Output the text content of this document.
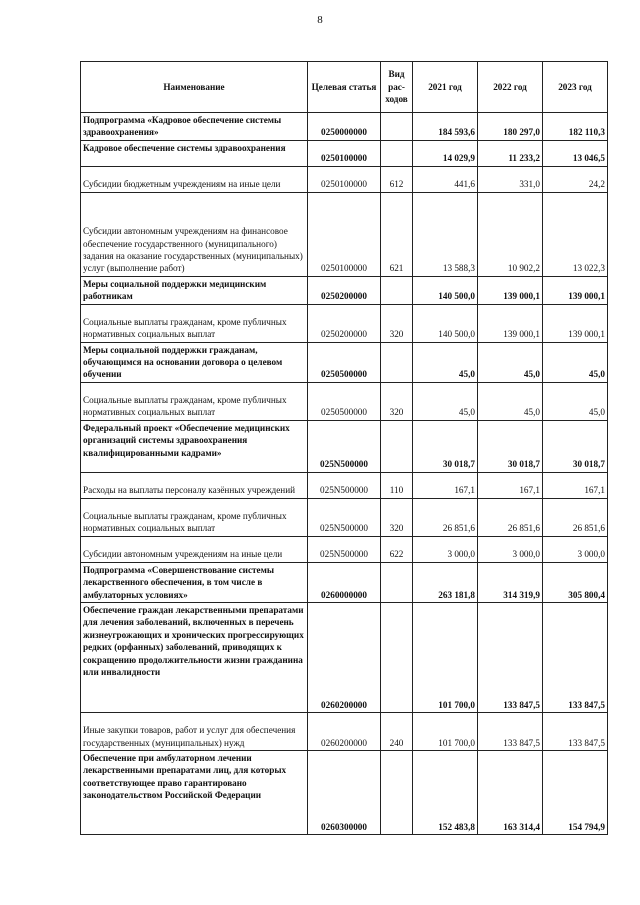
8
Наименование	Целевая статья	Вид рас-ходов	2021 год	2022 год	2023 год
Подпрограмма «Кадровое обеспечение системы здравоохранения»	0250000000		184 593,6	180 297,0	182 110,3
Кадровое обеспечение системы здравоохранения	0250100000		14 029,9	11 233,2	13 046,5
Субсидии бюджетным учреждениям на иные цели	0250100000	612	441,6	331,0	24,2
Субсидии автономным учреждениям на финансовое обеспечение государственного (муниципального) задания на оказание государственных (муниципальных) услуг (выполнение работ)	0250100000	621	13 588,3	10 902,2	13 022,3
Меры социальной поддержки медицинским работникам	0250200000		140 500,0	139 000,1	139 000,1
Социальные выплаты гражданам, кроме публичных нормативных социальных выплат	0250200000	320	140 500,0	139 000,1	139 000,1
Меры социальной поддержки гражданам, обучающимся на основании договора о целевом обучении	0250500000		45,0	45,0	45,0
Социальные выплаты гражданам, кроме публичных нормативных социальных выплат	0250500000	320	45,0	45,0	45,0
Федеральный проект «Обеспечение медицинских организаций системы здравоохранения квалифицированными кадрами»	025N500000		30 018,7	30 018,7	30 018,7
Расходы на выплаты персоналу казённых учреждений	025N500000	110	167,1	167,1	167,1
Социальные выплаты гражданам, кроме публичных нормативных социальных выплат	025N500000	320	26 851,6	26 851,6	26 851,6
Субсидии автономным учреждениям на иные цели	025N500000	622	3 000,0	3 000,0	3 000,0
Подпрограмма «Совершенствование системы лекарственного обеспечения, в том числе в амбулаторных условиях»	0260000000		263 181,8	314 319,9	305 800,4
Обеспечение граждан лекарственными препаратами для лечения заболеваний, включенных в перечень жизнеугрожающих и хронических прогрессирующих редких (орфанных) заболеваний, приводящих к сокращению продолжительности жизни гражданина или инвалидности	0260200000		101 700,0	133 847,5	133 847,5
Иные закупки товаров, работ и услуг для обеспечения государственных (муниципальных) нужд	0260200000	240	101 700,0	133 847,5	133 847,5
Обеспечение при амбулаторном лечении лекарственными препаратами лиц, для которых соответствующее право гарантировано законодательством Российской Федерации	0260300000		152 483,8	163 314,4	154 794,9
